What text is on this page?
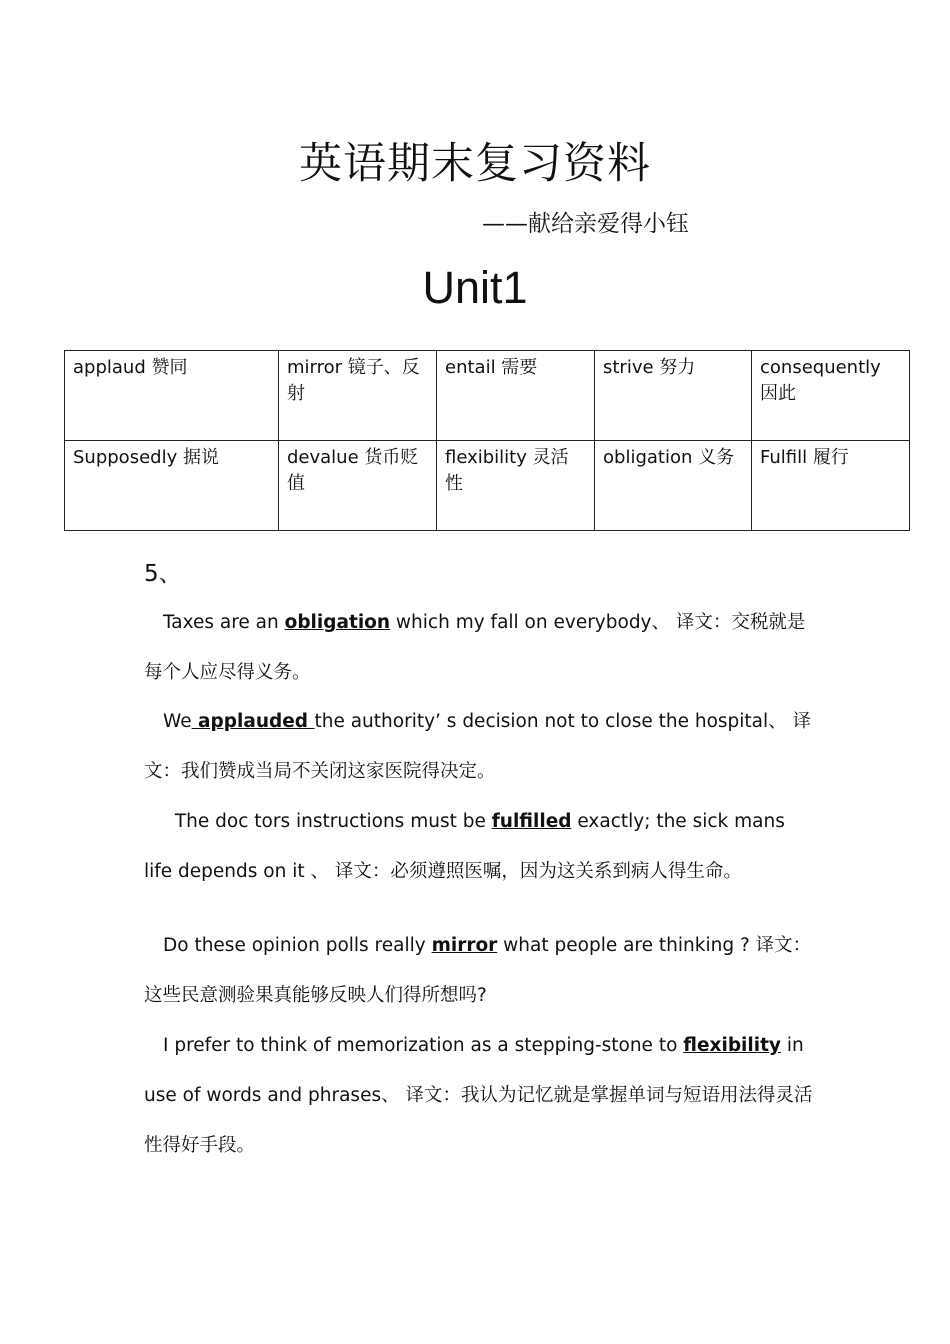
英语期末复习资料
——献给亲爱得小钰
Unit1
applaud 赞同	mirror 镜子、反射	entail 需要	strive 努力	consequently 因此
Supposedly 据说	devalue 货币贬值	flexibility 灵活性	obligation 义务	Fulfill 履行
5、
Taxes are an obligation which my fall on everybody、 译文：交税就是每个人应尽得义务。
We applauded the authority’ s decision not to close the hospital、 译文：我们赞成当局不关闭这家医院得决定。
The doc tors instructions must be fulfilled exactly; the sick mans life depends on it 、 译文：必须遵照医嘱，因为这关系到病人得生命。
Do these opinion polls really mirror what people are thinking ? 译文：这些民意测验果真能够反映人们得所想吗?
I prefer to think of memorization as a stepping-stone to flexibility in use of words and phrases、 译文：我认为记忆就是掌握单词与短语用法得灵活性得好手段。
